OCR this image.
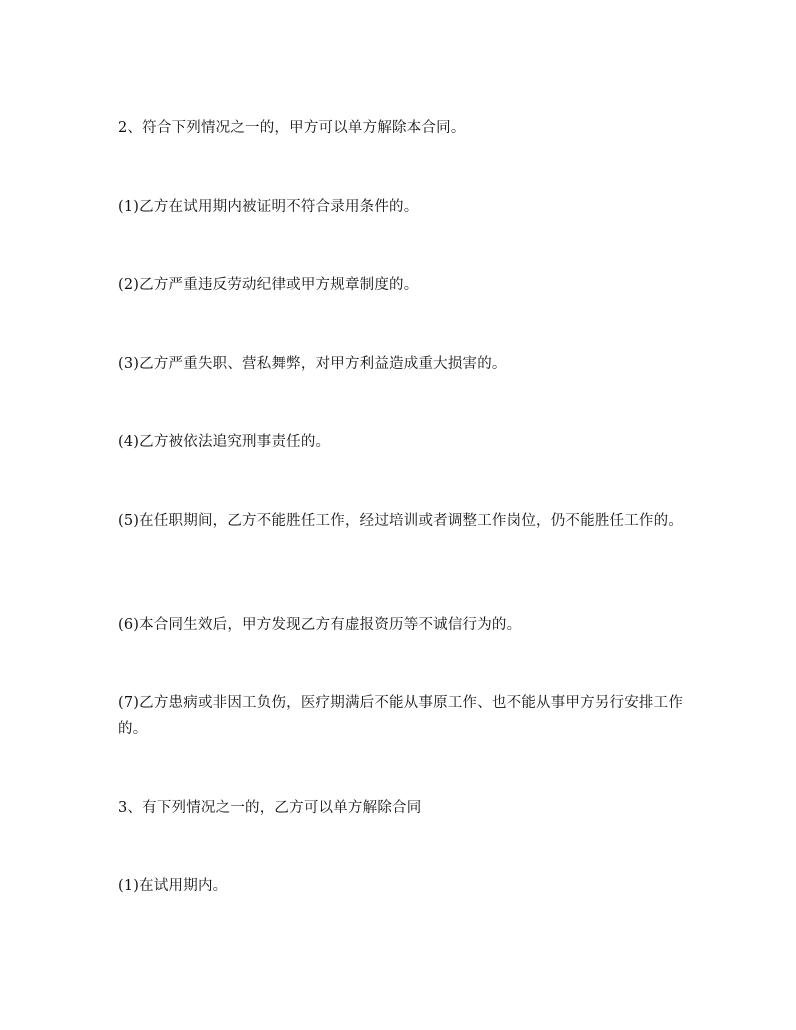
2、符合下列情况之一的，甲方可以单方解除本合同。

(1)乙方在试用期内被证明不符合录用条件的。

(2)乙方严重违反劳动纪律或甲方规章制度的。

(3)乙方严重失职、营私舞弊，对甲方利益造成重大损害的。

(4)乙方被依法追究刑事责任的。

(5)在任职期间，乙方不能胜任工作，经过培训或者调整工作岗位，仍不能胜任工作的。

(6)本合同生效后，甲方发现乙方有虚报资历等不诚信行为的。

(7)乙方患病或非因工负伤，医疗期满后不能从事原工作、也不能从事甲方另行安排工作的。

3、有下列情况之一的，乙方可以单方解除合同

(1)在试用期内。
